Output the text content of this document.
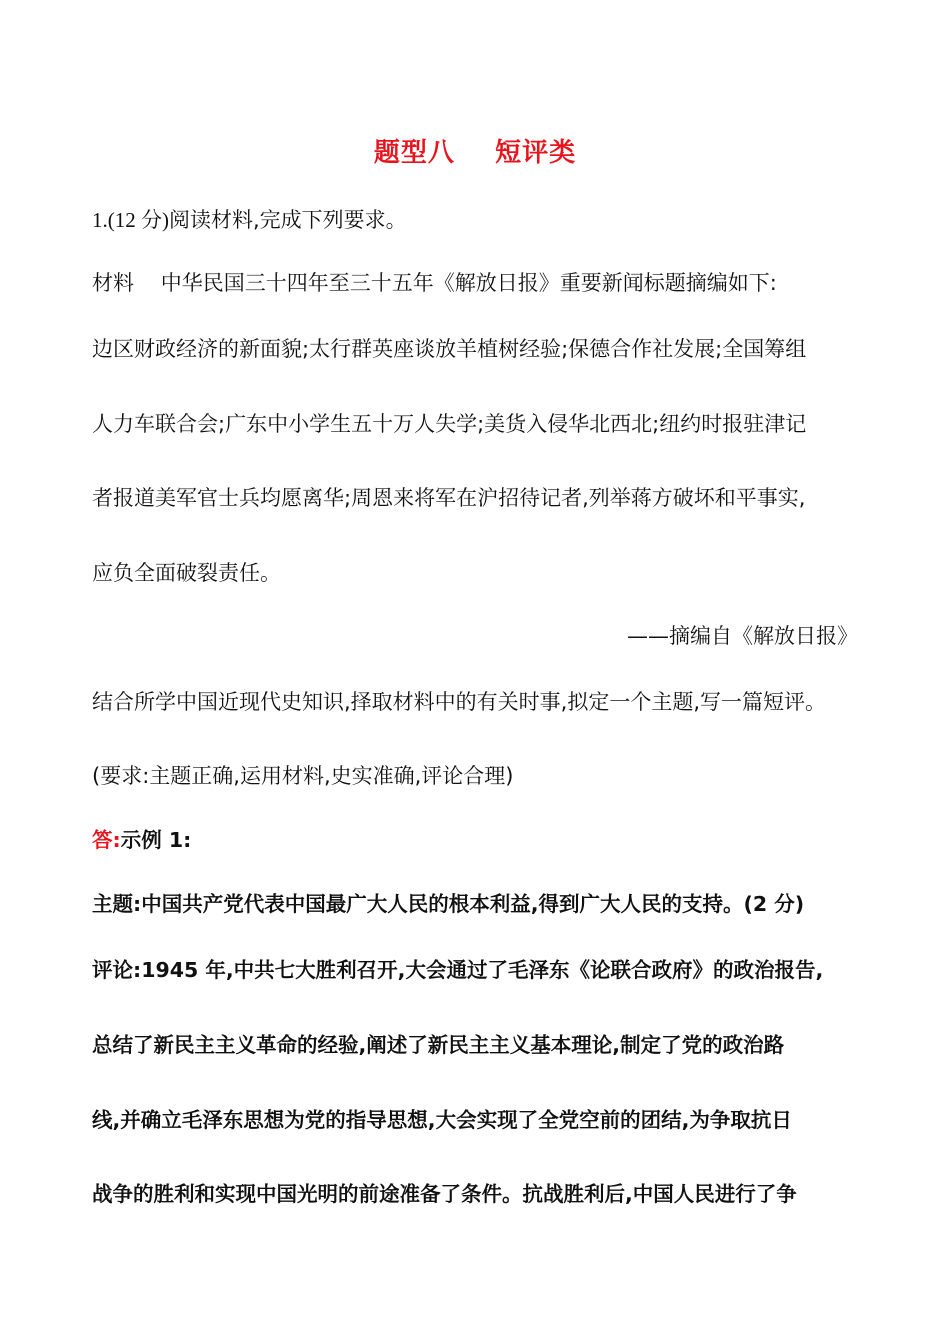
题型八    短评类
1.(12 分)阅读材料,完成下列要求。
材料    中华民国三十四年至三十五年《解放日报》重要新闻标题摘编如下:
边区财政经济的新面貌;太行群英座谈放羊植树经验;保德合作社发展;全国筹组
人力车联合会;广东中小学生五十万人失学;美货入侵华北西北;纽约时报驻津记
者报道美军官士兵均愿离华;周恩来将军在沪招待记者,列举蒋方破坏和平事实,
应负全面破裂责任。
——摘编自《解放日报》
结合所学中国近现代史知识,择取材料中的有关时事,拟定一个主题,写一篇短评。
(要求:主题正确,运用材料,史实准确,评论合理)
答:示例 1:
主题:中国共产党代表中国最广大人民的根本利益,得到广大人民的支持。(2 分)
评论:1945 年,中共七大胜利召开,大会通过了毛泽东《论联合政府》的政治报告,
总结了新民主主义革命的经验,阐述了新民主主义基本理论,制定了党的政治路
线,并确立毛泽东思想为党的指导思想,大会实现了全党空前的团结,为争取抗日
战争的胜利和实现中国光明的前途准备了条件。抗战胜利后,中国人民进行了争
